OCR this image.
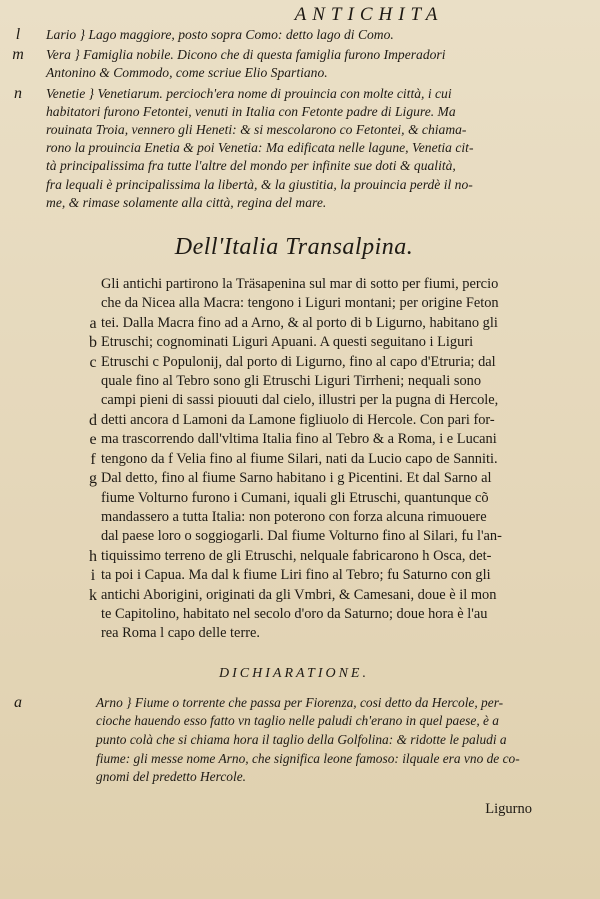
ANTICHITA
l	Lario } Lago maggiore, posto sopra Como: detto lago di Como.
m	Vera } Famiglia nobile. Dicono che di questa famiglia furono Imperadori
Antonino & Commodo, come scriue Elio Spartiano.
n	Venetie } Venetiarum. percioch'era nome di prouincia con molte città, i cui
habitatori furono Fetontei, venuti in Italia con Fetonte padre di Ligure. Ma
rouinata Troia, vennero gli Heneti: & si mescolarono co Fetontei, & chiama-
rono la prouincia Enetia & poi Venetia: Ma edificata nelle lagune, Venetia cit-
tà principalissima fra tutte l'altre del mondo per infinite sue doti & qualità,
fra lequali è principalissima la libertà, & la giustitia, la prouincia perdè il no-
me, & rimase solamente alla città, regina del mare.
Dell'Italia Transalpina.
Gli antichi partirono la Träsapenina sul mar di sotto per fiumi, percio
che da Nicea alla Macra: tengono i Liguri montani; per origine Feton
a tei. Dalla Macra fino ad a Arno, & al porto di b Ligurno, habitano gli
b Etruschi; cognominati Liguri Apuani. A questi seguitano i Liguri
c Etruschi c Populonij, dal porto di Ligurno, fino al capo d'Etruria; dal
quale fino al Tebro sono gli Etruschi Liguri Tirrheni; nequali sono
campi pieni di sassi piouuti dal cielo, illustri per la pugna di Hercole,
d detti ancora d Lamoni da Lamone figliuolo di Hercole. Con pari for-
e ma trascorrendo dall'vltima Italia fino al Tebro & a Roma, i e Lucani
f tengono da f Velia fino al fiume Silari, nati da Lucio capo de Sanniti.
g Dal detto, fino al fiume Sarno habitano i g Picentini. Et dal Sarno al
fiume Volturno furono i Cumani, iquali gli Etruschi, quantunque cõ
mandassero a tutta Italia: non poterono con forza alcuna rimuouere
dal paese loro o soggiogarli. Dal fiume Volturno fino al Silari, fu l'an-
h tiquissimo terreno de gli Etruschi, nelquale fabricarono h Osca, det-
i ta poi i Capua. Ma dal k fiume Liri fino al Tebro; fu Saturno con gli
k antichi Aborigini, originati da gli Vmbri, & Camesani, doue è il mon
te Capitolino, habitato nel secolo d'oro da Saturno; doue hora è l'au
rea Roma l capo delle terre.
DICHIARATIONE.
a	Arno } Fiume o torrente che passa per Fiorenza, cosi detto da Hercole, per-
cioche hauendo esso fatto vn taglio nelle paludi ch'erano in quel paese, è a
punto colà che si chiama hora il taglio della Golfolina: & ridotte le paludi a
fiume: gli messe nome Arno, che significa leone famoso: ilquale era vno de co-
gnomi del predetto Hercole.
Ligurno
